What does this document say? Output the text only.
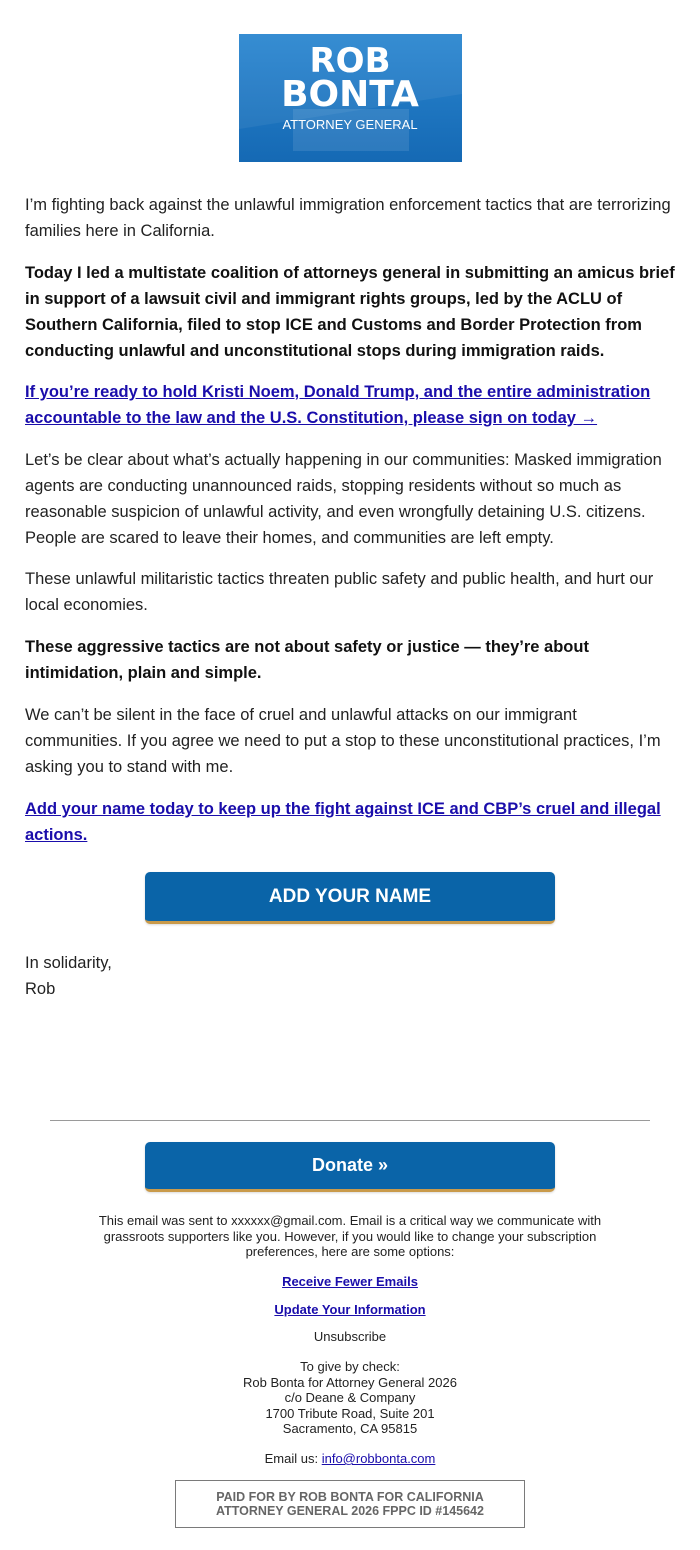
ROB
BONTA
ATTORNEY GENERAL

I’m fighting back against the unlawful immigration enforcement tactics that are terrorizing families here in California.

Today I led a multistate coalition of attorneys general in submitting an amicus brief in support of a lawsuit civil and immigrant rights groups, led by the ACLU of Southern California, filed to stop ICE and Customs and Border Protection from conducting unlawful and unconstitutional stops during immigration raids.

If you’re ready to hold Kristi Noem, Donald Trump, and the entire administration accountable to the law and the U.S. Constitution, please sign on today →

Let’s be clear about what’s actually happening in our communities: Masked immigration agents are conducting unannounced raids, stopping residents without so much as reasonable suspicion of unlawful activity, and even wrongfully detaining U.S. citizens. People are scared to leave their homes, and communities are left empty.

These unlawful militaristic tactics threaten public safety and public health, and hurt our local economies.

These aggressive tactics are not about safety or justice — they’re about intimidation, plain and simple.

We can’t be silent in the face of cruel and unlawful attacks on our immigrant communities. If you agree we need to put a stop to these unconstitutional practices, I’m asking you to stand with me.

Add your name today to keep up the fight against ICE and CBP’s cruel and illegal actions.

ADD YOUR NAME

In solidarity,

Rob

Donate »

This email was sent to xxxxxx@gmail.com. Email is a critical way we communicate with grassroots supporters like you. However, if you would like to change your subscription preferences, here are some options:

Receive Fewer Emails

Update Your Information

Unsubscribe

To give by check:
Rob Bonta for Attorney General 2026
c/o Deane & Company
1700 Tribute Road, Suite 201
Sacramento, CA 95815

Email us: info@robbonta.com

PAID FOR BY ROB BONTA FOR CALIFORNIA ATTORNEY GENERAL 2026 FPPC ID #145642
